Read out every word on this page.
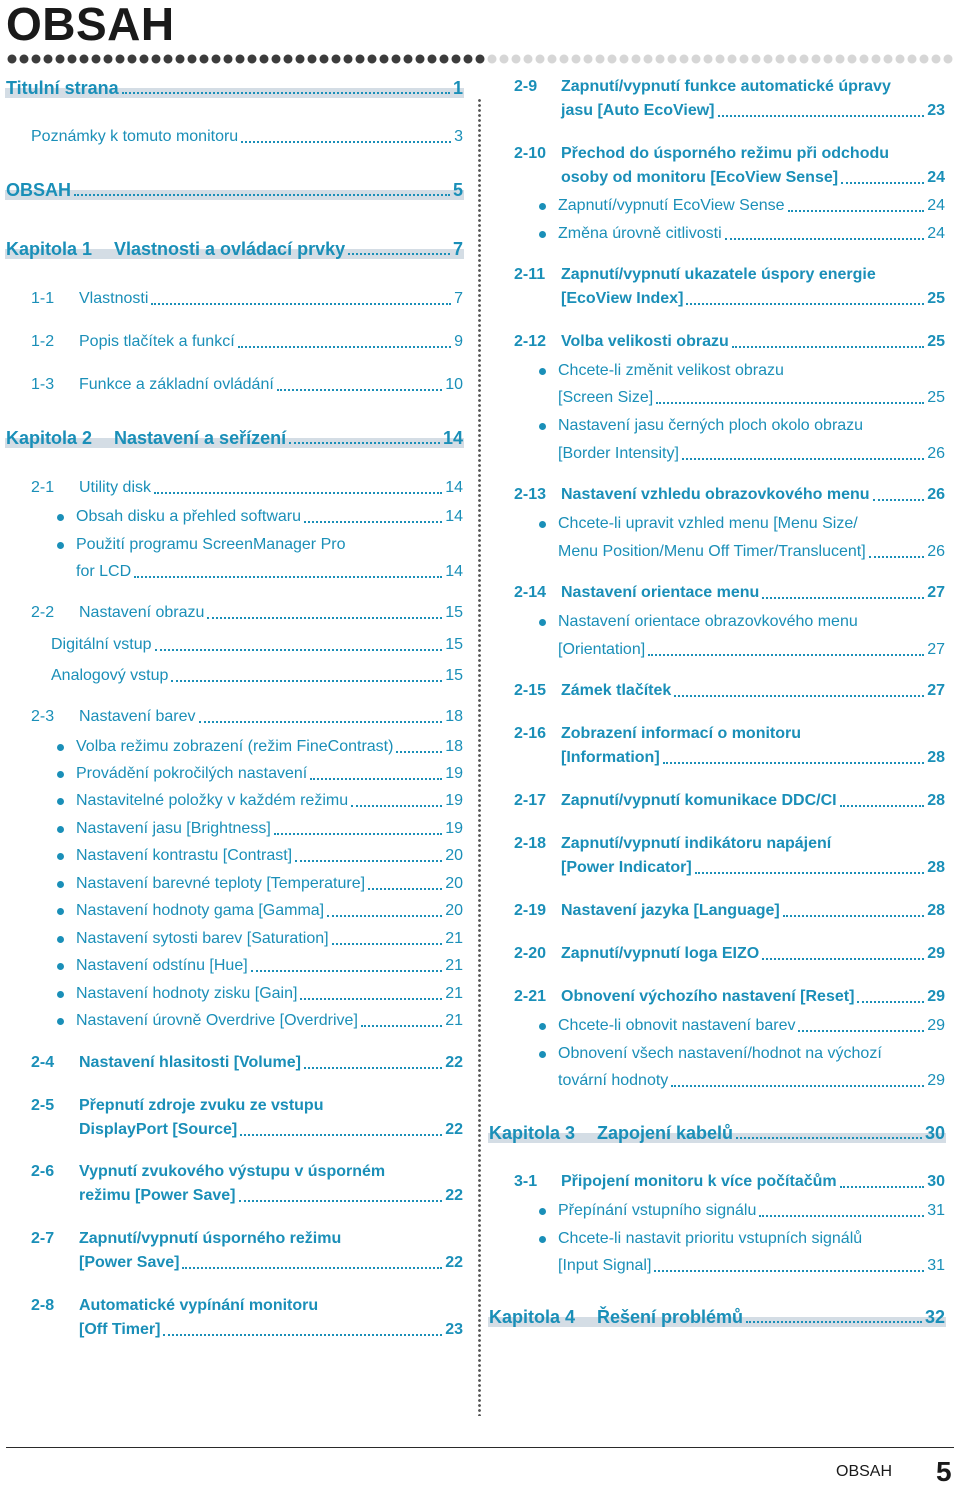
OBSAH
Titulní strana	1
Poznámky k tomuto monitoru	3
OBSAH	5
Kapitola 1	Vlastnosti a ovládací prvky	7
1-1	Vlastnosti	7
1-2	Popis tlačítek a funkcí	9
1-3	Funkce a základní ovládání	10
Kapitola 2	Nastavení a seřízení	14
2-1	Utility disk	14
Obsah disku a přehled softwaru	14
Použití programu ScreenManager Pro
for LCD	14
2-2	Nastavení obrazu	15
Digitální vstup	15
Analogový vstup	15
2-3	Nastavení barev	18
Volba režimu zobrazení (režim FineContrast)	18
Provádění pokročilých nastavení	19
Nastavitelné položky v každém režimu	19
Nastavení jasu [Brightness]	19
Nastavení kontrastu [Contrast]	20
Nastavení barevné teploty [Temperature]	20
Nastavení hodnoty gama [Gamma]	20
Nastavení sytosti barev [Saturation]	21
Nastavení odstínu [Hue]	21
Nastavení hodnoty zisku [Gain]	21
Nastavení úrovně Overdrive [Overdrive]	21
2-4	Nastavení hlasitosti [Volume]	22
2-5	Přepnutí zdroje zvuku ze vstupu
DisplayPort [Source]	22
2-6	Vypnutí zvukového výstupu v úsporném
režimu [Power Save]	22
2-7	Zapnutí/vypnutí úsporného režimu
[Power Save]	22
2-8	Automatické vypínání monitoru
[Off Timer]	23
2-9	Zapnutí/vypnutí funkce automatické úpravy
jasu [Auto EcoView]	23
2-10 Přechod do úsporného režimu při odchodu
osoby od monitoru [EcoView Sense]	24
Zapnutí/vypnutí EcoView Sense	24
Změna úrovně citlivosti	24
2-11 Zapnutí/vypnutí ukazatele úspory energie
[EcoView Index]	25
2-12 Volba velikosti obrazu	25
Chcete-li změnit velikost obrazu
[Screen Size]	25
Nastavení jasu černých ploch okolo obrazu
[Border Intensity]	26
2-13 Nastavení vzhledu obrazovkového menu	26
Chcete-li upravit vzhled menu [Menu Size/
Menu Position/Menu Off Timer/Translucent]	26
2-14 Nastavení orientace menu	27
Nastavení orientace obrazovkového menu
[Orientation]	27
2-15 Zámek tlačítek	27
2-16 Zobrazení informací o monitoru
[Information]	28
2-17 Zapnutí/vypnutí komunikace DDC/CI	28
2-18 Zapnutí/vypnutí indikátoru napájení
[Power Indicator]	28
2-19 Nastavení jazyka [Language]	28
2-20 Zapnutí/vypnutí loga EIZO	29
2-21 Obnovení výchozího nastavení [Reset]	29
Chcete-li obnovit nastavení barev	29
Obnovení všech nastavení/hodnot na výchozí
tovární hodnoty	29
Kapitola 3	Zapojení kabelů	30
3-1	Připojení monitoru k více počítačům	30
Přepínání vstupního signálu	31
Chcete-li nastavit prioritu vstupních signálů
[Input Signal]	31
Kapitola 4	Řešení problémů	32
OBSAH 5
